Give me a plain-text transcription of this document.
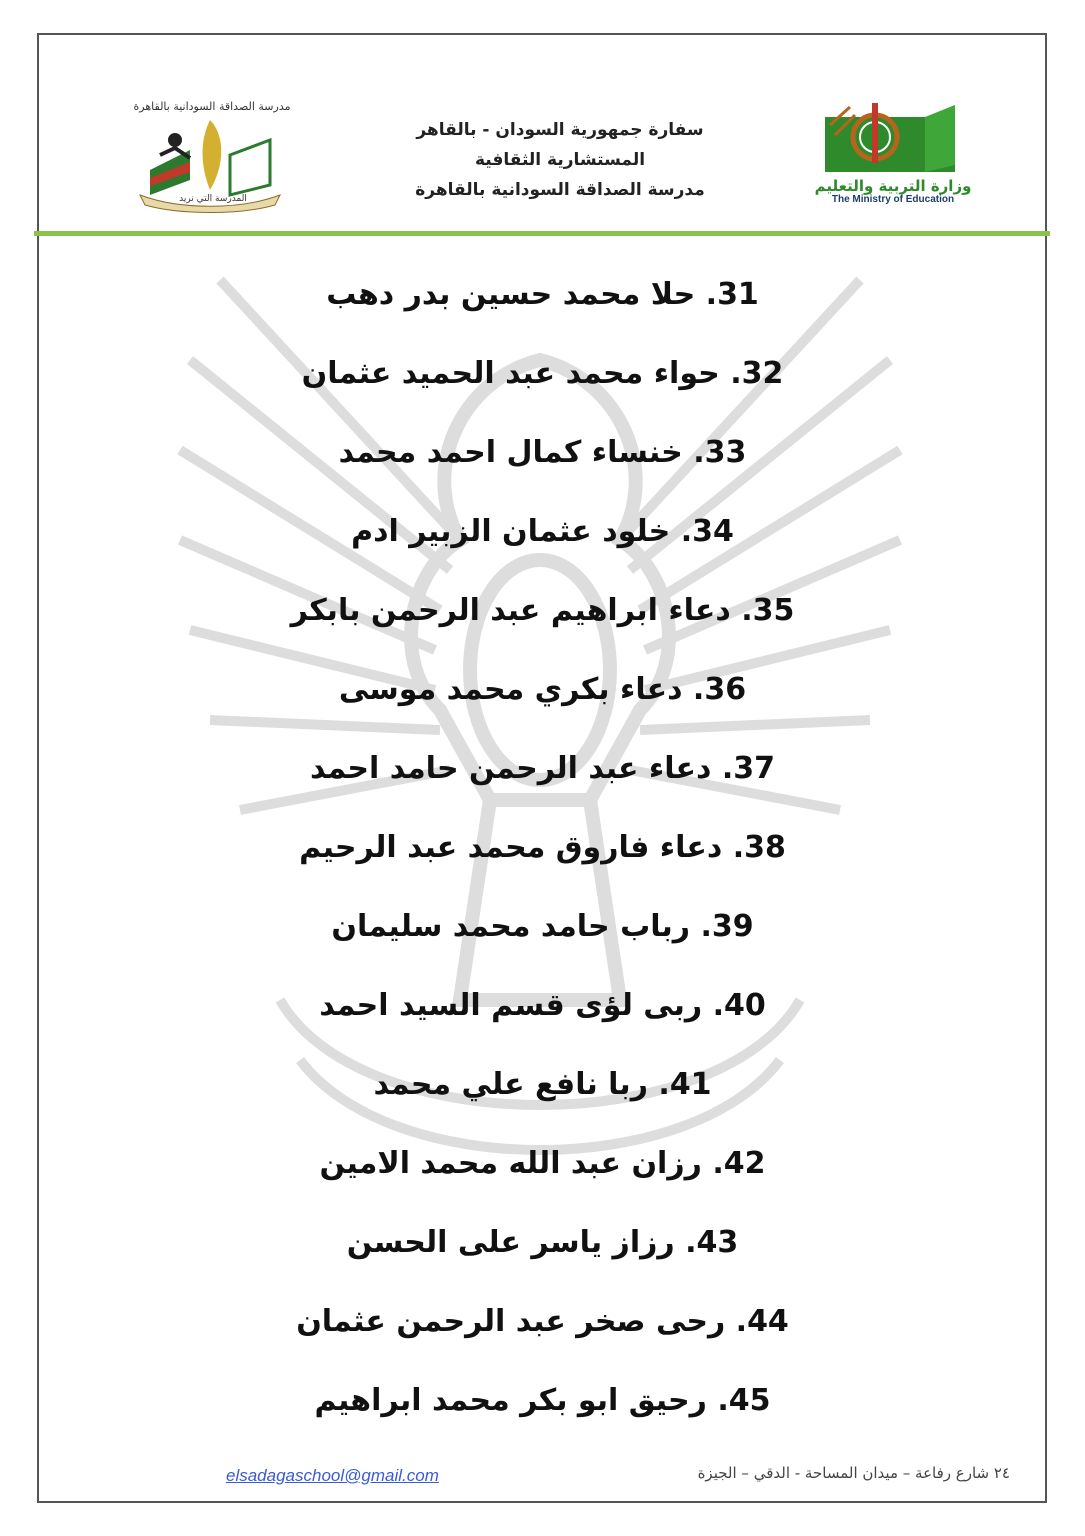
وزارة التربية والتعليم
The Ministry of Education
مدرسة الصداقة السودانية بالقاهرة
المدرسة التي نريد
سفارة جمهورية السودان - بالقاهر
المستشارية الثقافية
مدرسة الصداقة السودانية بالقاهرة
31. حلا محمد حسين بدر دهب
32. حواء محمد عبد الحميد عثمان
33. خنساء كمال احمد محمد
34. خلود عثمان الزبير ادم
35. دعاء ابراهيم عبد الرحمن بابكر
36. دعاء بكري محمد موسى
37. دعاء عبد الرحمن حامد احمد
38. دعاء فاروق محمد عبد الرحيم
39. رباب حامد محمد سليمان
40. ربى لؤى قسم السيد احمد
41. ربا نافع علي محمد
42. رزان عبد الله محمد الامين
43. رزاز ياسر على الحسن
44. رحى صخر عبد الرحمن عثمان
45. رحيق ابو بكر محمد ابراهيم
elsadagaschool@gmail.com	٢٤ شارع رفاعة – ميدان المساحة - الدقي – الجيزة
